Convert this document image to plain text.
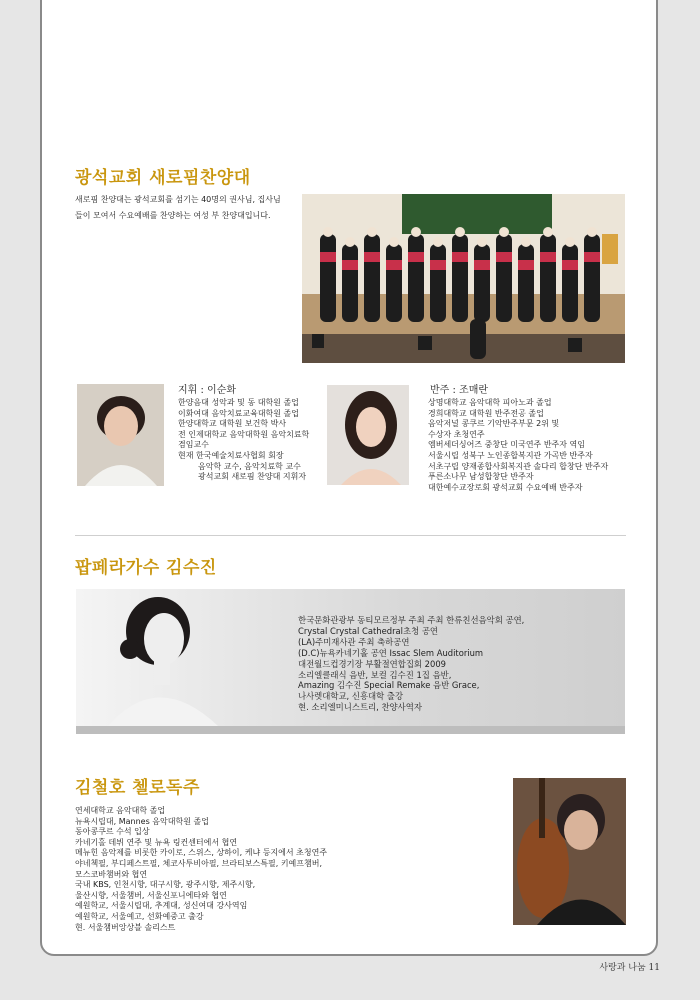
광석교회 새로핌찬양대
새로핌 찬양대는 광석교회를 섬기는 40명의 권사님, 집사님들이 모여서 수요예배를 찬양하는 여성 부 찬양대입니다.
지휘 : 이순화
한양음대 성악과 및 동 대학원 졸업
이화여대 음악치료교육대학원 졸업
한양대학교 대학원 보건학 박사
전 인제대학교 음악대학원 음악치료학
겸임교수
현재 한국예술치료사협회 회장
음악학 교수, 음악치료학 교수
광석교회 새로핌 찬양대 지휘자
반주 : 조매란
상명대학교 음악대학 피아노과 졸업
경희대학교 대학원 반주전공 졸업
음악저널 콩쿠르 기악반주부문 2위 및
수상자 초청연주
엠버세더싱어즈 중창단 미국연주 반주자 역임
서울시립 성북구 노인종합복지관 가곡반 반주자
서초구립 양재종합사회복지관 솔다리 합창단 반주자
푸른소나무 남성합창단 반주자
대한예수교장로회 광석교회 수요예배 반주자
팝페라가수 김수진
한국문화관광부 동티모르정부 주최 주최 한류친선음악회 공연,
Crystal Crystal Cathedral초청 공연
(LA)주미재사관 주최 축하공연
(D.C)뉴욕카네기홀 공연 Issac Slem Auditorium
대전월드컵경기장 부활절연합집회 2009
소리엘클래식 음반, 보컬 김수진 1집 음반,
Amazing 김수진 Special Remake 음반 Grace,
나사렛대학교, 신흥대학 출강
현. 소리엘미니스트리, 찬양사역자
김철호 첼로독주
연세대학교 음악대학 졸업
뉴욕시립대, Mannes 음악대학원 졸업
동아콩쿠르 수석 입상
카네기홀 데뷔 연주 및 뉴욕 링컨센터에서 협연
메뉴힌 음악제를 비롯한 카이로, 스위스, 상하이, 케냐 등지에서 초청연주
야네첵필, 부디페스트필, 체코사투비아필, 브라티보스특필, 키예프챔버,
모스코바챔버와 협연
국내 KBS, 인천시향, 대구시향, 광주시향, 제주시향,
울산시향, 서울챔버, 서울신포니에타와 협연
예원학교, 서울시립대, 추계대, 성신여대 강사역임
예원학교, 서울예고, 선화예중고 출강
현. 서울챔버앙상블 솔리스트
사랑과 나눔 11
